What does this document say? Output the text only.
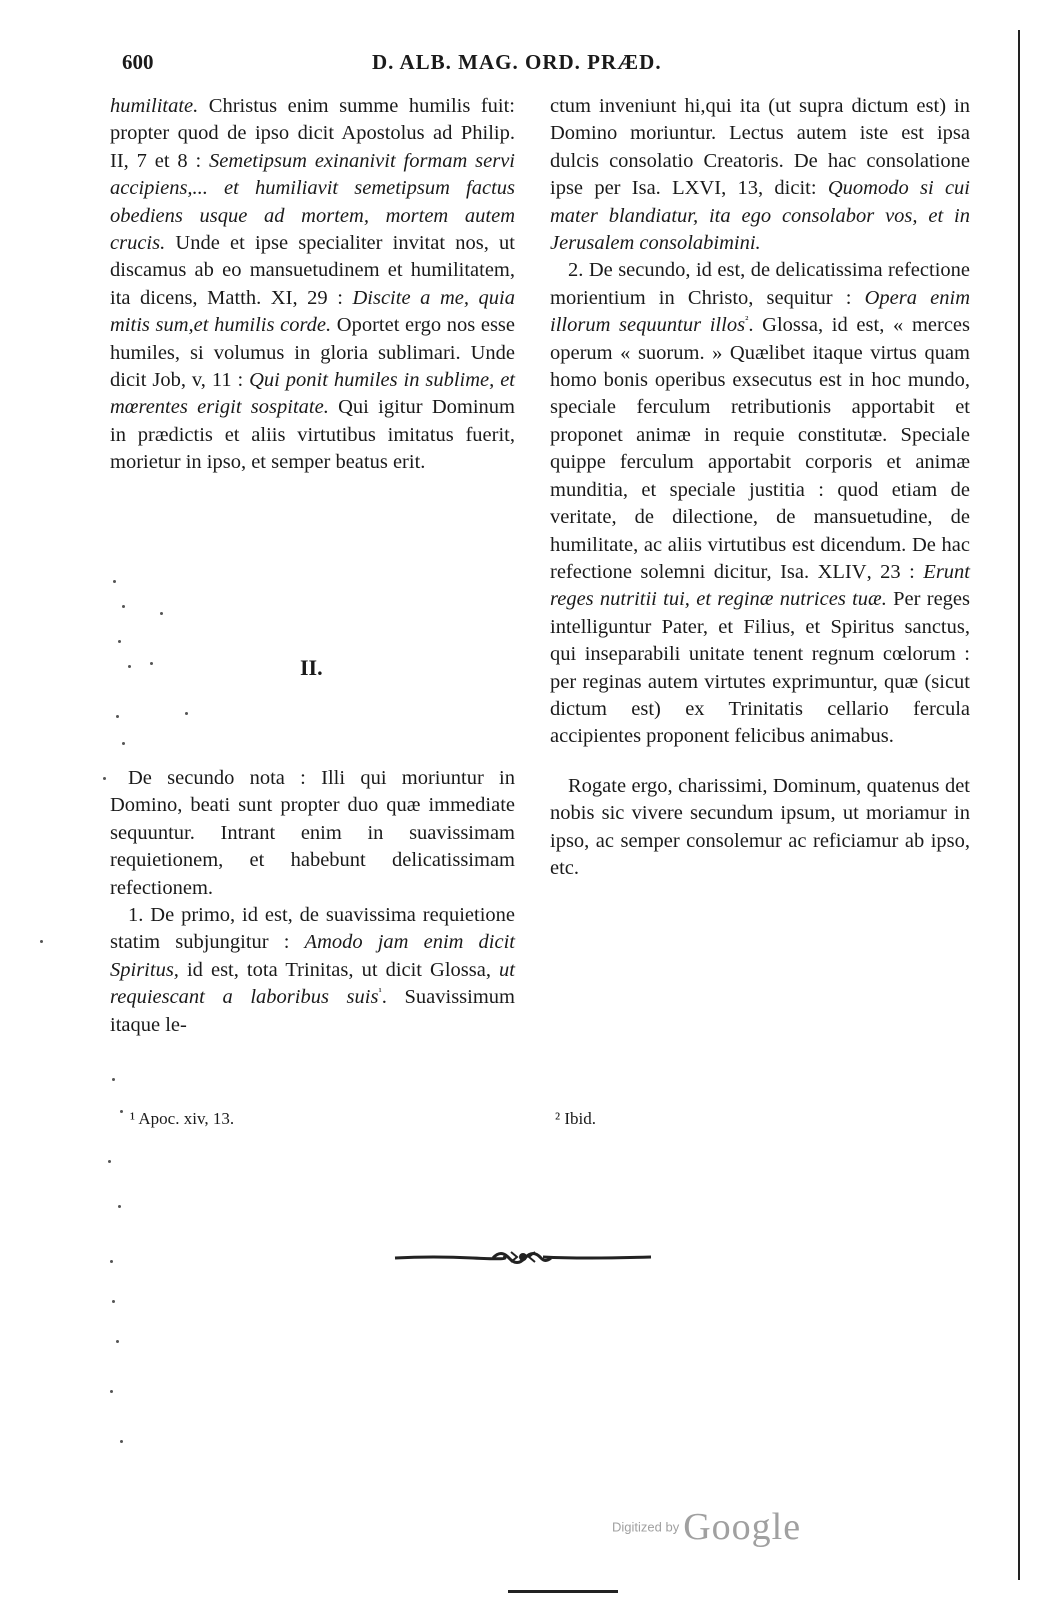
600	D. ALB. MAG. ORD. PRÆD.

humilitate. Christus enim summe humilis fuit: propter quod de ipso dicit Apostolus ad Philip. II, 7 et 8 : Semetipsum exinanivit formam servi accipiens,... et humiliavit semetipsum factus obediens usque ad mortem, mortem autem crucis. Unde et ipse specialiter invitat nos, ut discamus ab eo mansuetudinem et humilitatem, ita dicens, Matth. XI, 29 : Discite a me, quia mitis sum,et humilis corde. Oportet ergo nos esse humiles, si volumus in gloria sublimari. Unde dicit Job, v, 11 : Qui ponit humiles in sublime, et mœrentes erigit sospitate. Qui igitur Dominum in prædictis et aliis virtutibus imitatus fuerit, morietur in ipso, et semper beatus erit.

II.

De secundo nota : Illi qui moriuntur in Domino, beati sunt propter duo quæ immediate sequuntur. Intrant enim in suavissimam requietionem, et habebunt delicatissimam refectionem.

1. De primo, id est, de suavissima requietione statim subjungitur : Amodo jam enim dicit Spiritus, id est, tota Trinitas, ut dicit Glossa, ut requiescant a laboribus suis$^{^1}$. Suavissimum itaque le-

ctum inveniunt hi,qui ita (ut supra dictum est) in Domino moriuntur. Lectus autem iste est ipsa dulcis consolatio Creatoris. De hac consolatione ipse per Isa. LXVI, 13, dicit: Quomodo si cui mater blandiatur, ita ego consolabor vos, et in Jerusalem consolabimini.

2. De secundo, id est, de delicatissima refectione morientium in Christo, sequitur : Opera enim illorum sequuntur illos$^{^2}$. Glossa, id est, « merces operum « suorum. » Quælibet itaque virtus quam homo bonis operibus exsecutus est in hoc mundo, speciale ferculum retributionis apportabit et proponet animæ in requie constitutæ. Speciale quippe ferculum apportabit corporis et animæ munditia, et speciale justitia : quod etiam de veritate, de dilectione, de mansuetudine, de humilitate, ac aliis virtutibus est dicendum. De hac refectione solemni dicitur, Isa. XLIV, 23 : Erunt reges nutritii tui, et reginæ nutrices tuæ. Per reges intelliguntur Pater, et Filius, et Spiritus sanctus, qui inseparabili unitate tenent regnum cœlorum : per reginas autem virtutes exprimuntur, quæ (sicut dictum est) ex Trinitatis cellario fercula accipientes proponent felicibus animabus.

Rogate ergo, charissimi, Dominum, quatenus det nobis sic vivere secundum ipsum, ut moriamur in ipso, ac semper consolemur ac reficiamur ab ipso, etc.

¹ Apoc. xiv, 13.	² Ibid.
Digitized by Google
